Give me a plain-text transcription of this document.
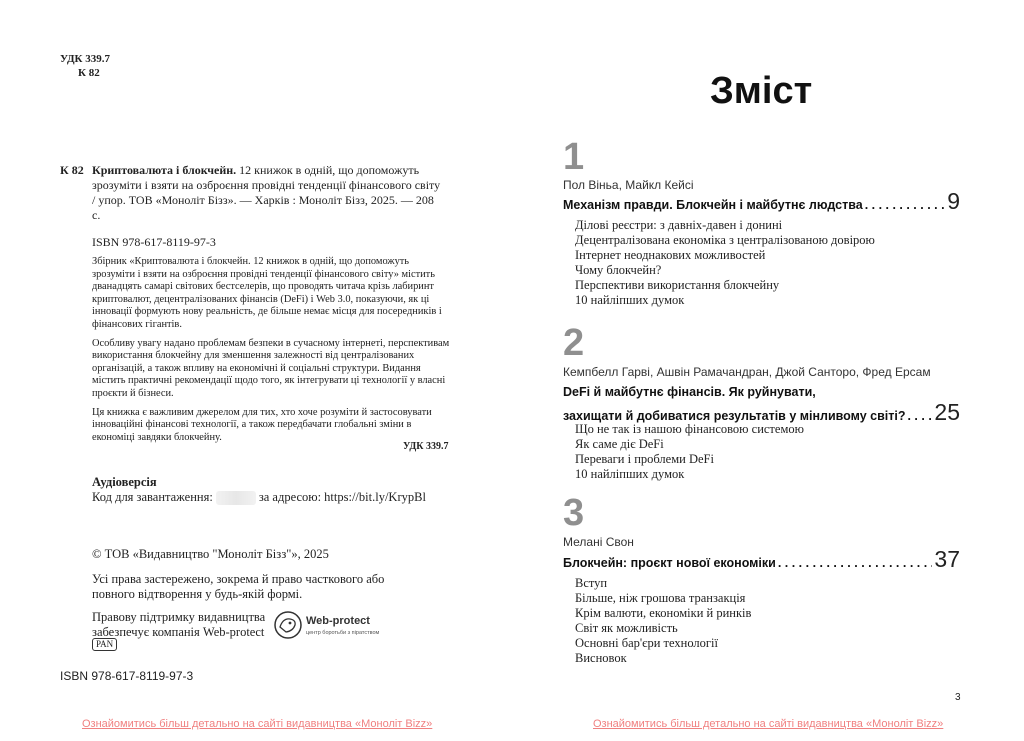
УДК 339.7
К 82
К 82 Криптовалюта і блокчейн. 12 книжок в одній, що допоможуть зрозуміти і взяти на озброєння провідні тенденції фінансового світу / упор. ТОВ «Моноліт Бізз». — Харків : Моноліт Бізз, 2025. — 208 с.
ISBN 978-617-8119-97-3

Збірник «Криптовалюта і блокчейн. 12 книжок в одній, що допоможуть зрозуміти і взяти на озброєння провідні тенденції фінансового світу» містить дванадцять самарі світових бестселерів, що проводять читача крізь лабиринт криптовалют, децентралізованих фінансів (DeFi) і Web 3.0, показуючи, як ці інновації формують нову реальність, де більше немає місця для посередників і фінансових гігантів.

Особливу увагу надано проблемам безпеки в сучасному інтернеті, перспективам використання блокчейну для зменшення залежності від централізованих організацій, а також впливу на економічні й соціальні структури. Видання містить практичні рекомендації щодо того, як інтегрувати ці технології у власні проєкти й бізнеси.

Ця книжка є важливим джерелом для тих, хто хоче розуміти й застосовувати інноваційні фінансові технології, а також передбачати глобальні зміни в економіці завдяки блокчейну.

УДК 339.7
Аудіоверсія
Код для завантаження:	за адресою: https://bit.ly/KrypBl
© ТОВ «Видавництво "Моноліт Бізз"», 2025
Усі права застережено, зокрема й право часткового або повного відтворення у будь-якій формі.
Правову підтримку видавництва забезпечує компанія Web-protect
PAN
Web-protect
центр боротьби з піратством
ISBN 978-617-8119-97-3
Ознайомитись більш детально на сайті видавництва «Моноліт Bizz»
Зміст
1
Пол Віньа, Майкл Кейсі
Механізм правди. Блокчейн і майбутнє людства . . .	9
Ділові реєстри: з давніх-давен і донині
Децентралізована економіка з централізованою довірою
Інтернет неоднакових можливостей
Чому блокчейн?
Перспективи використання блокчейну
10 найліпших думок
2
Кемпбелл Гарві, Ашвін Рамачандран, Джой Санторо, Фред Ерсам
DeFi й майбутнє фінансів. Як руйнувати,
захищати й добиватися результатів у мінливому світі? . . . 25
Що не так із нашою фінансовою системою
Як саме діє DeFi
Переваги і проблеми DeFi
10 найліпших думок
3
Мелані Свон
Блокчейн: проєкт нової економіки . . .	37
Вступ
Більше, ніж грошова транзакція
Крім валюти, економіки й ринків
Світ як можливість
Основні бар'єри технології
Висновок
3
Ознайомитись більш детально на сайті видавництва «Моноліт Bizz»
